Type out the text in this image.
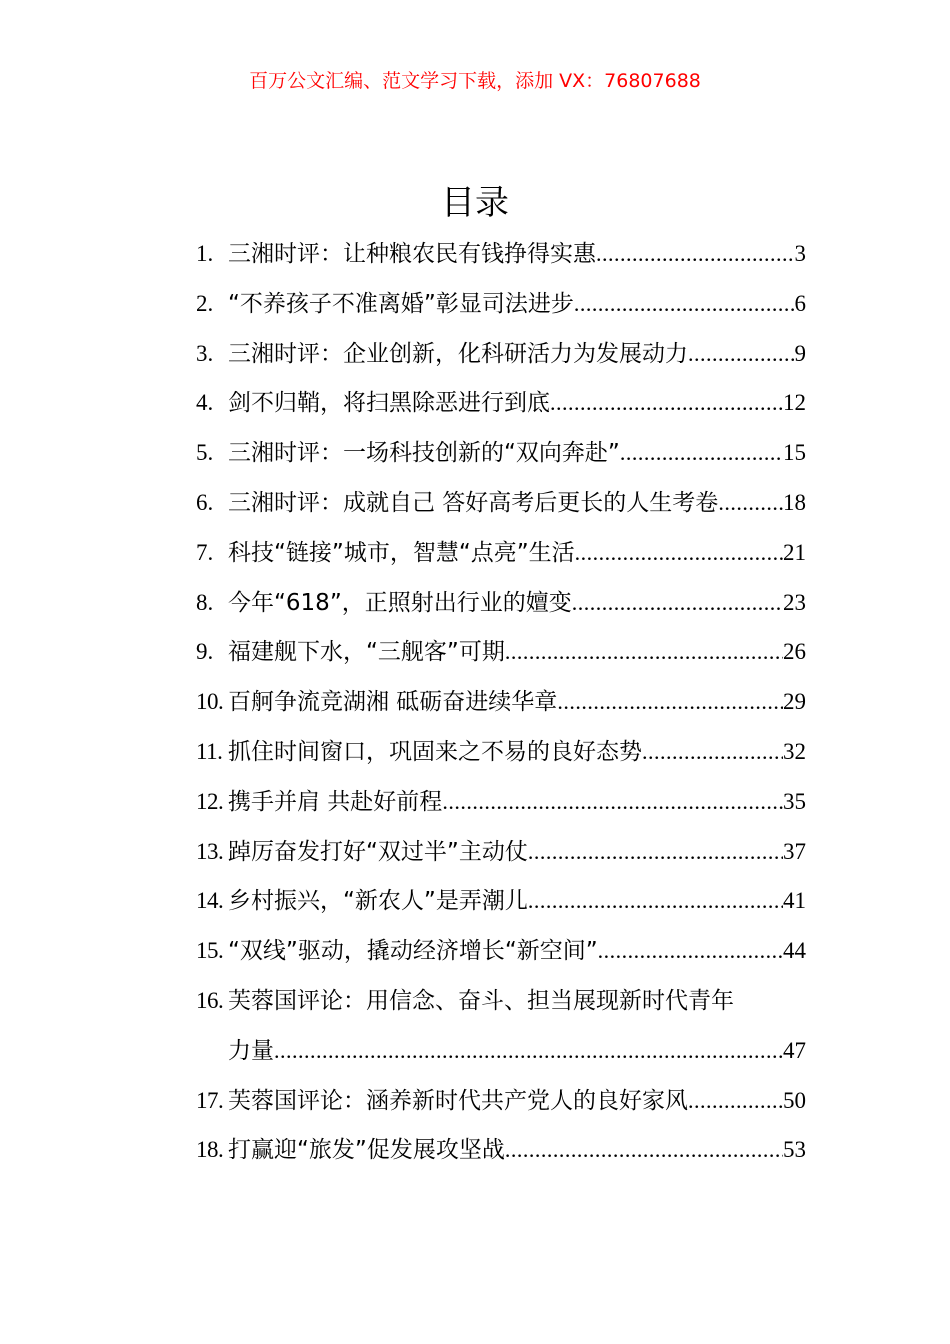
百万公文汇编、范文学习下载，添加 VX：76807688
目录
1. 三湘时评：让种粮农民有钱挣得实惠 .....	3
2. “不养孩子不准离婚”彰显司法进步 .....	6
3. 三湘时评：企业创新，化科研活力为发展动力 .....	9
4. 剑不归鞘，将扫黑除恶进行到底 .....	12
5. 三湘时评：一场科技创新的“双向奔赴” .....	15
6. 三湘时评：成就自己 答好高考后更长的人生考卷 .....	18
7. 科技“链接”城市，智慧“点亮”生活 .....	21
8. 今年“618”，正照射出行业的嬗变 .....	23
9. 福建舰下水，“三舰客”可期 .....	26
10. 百舸争流竞湖湘 砥砺奋进续华章 .....	29
11. 抓住时间窗口，巩固来之不易的良好态势 .....	32
12. 携手并肩 共赴好前程 .....	35
13. 踔厉奋发打好“双过半”主动仗 .....	37
14. 乡村振兴，“新农人”是弄潮儿 .....	41
15. “双线”驱动，撬动经济增长“新空间” .....	44
16. 芙蓉国评论：用信念、奋斗、担当展现新时代青年
力量 .....	47
17. 芙蓉国评论：涵养新时代共产党人的良好家风 .....	50
18. 打赢迎“旅发”促发展攻坚战 .....	53
